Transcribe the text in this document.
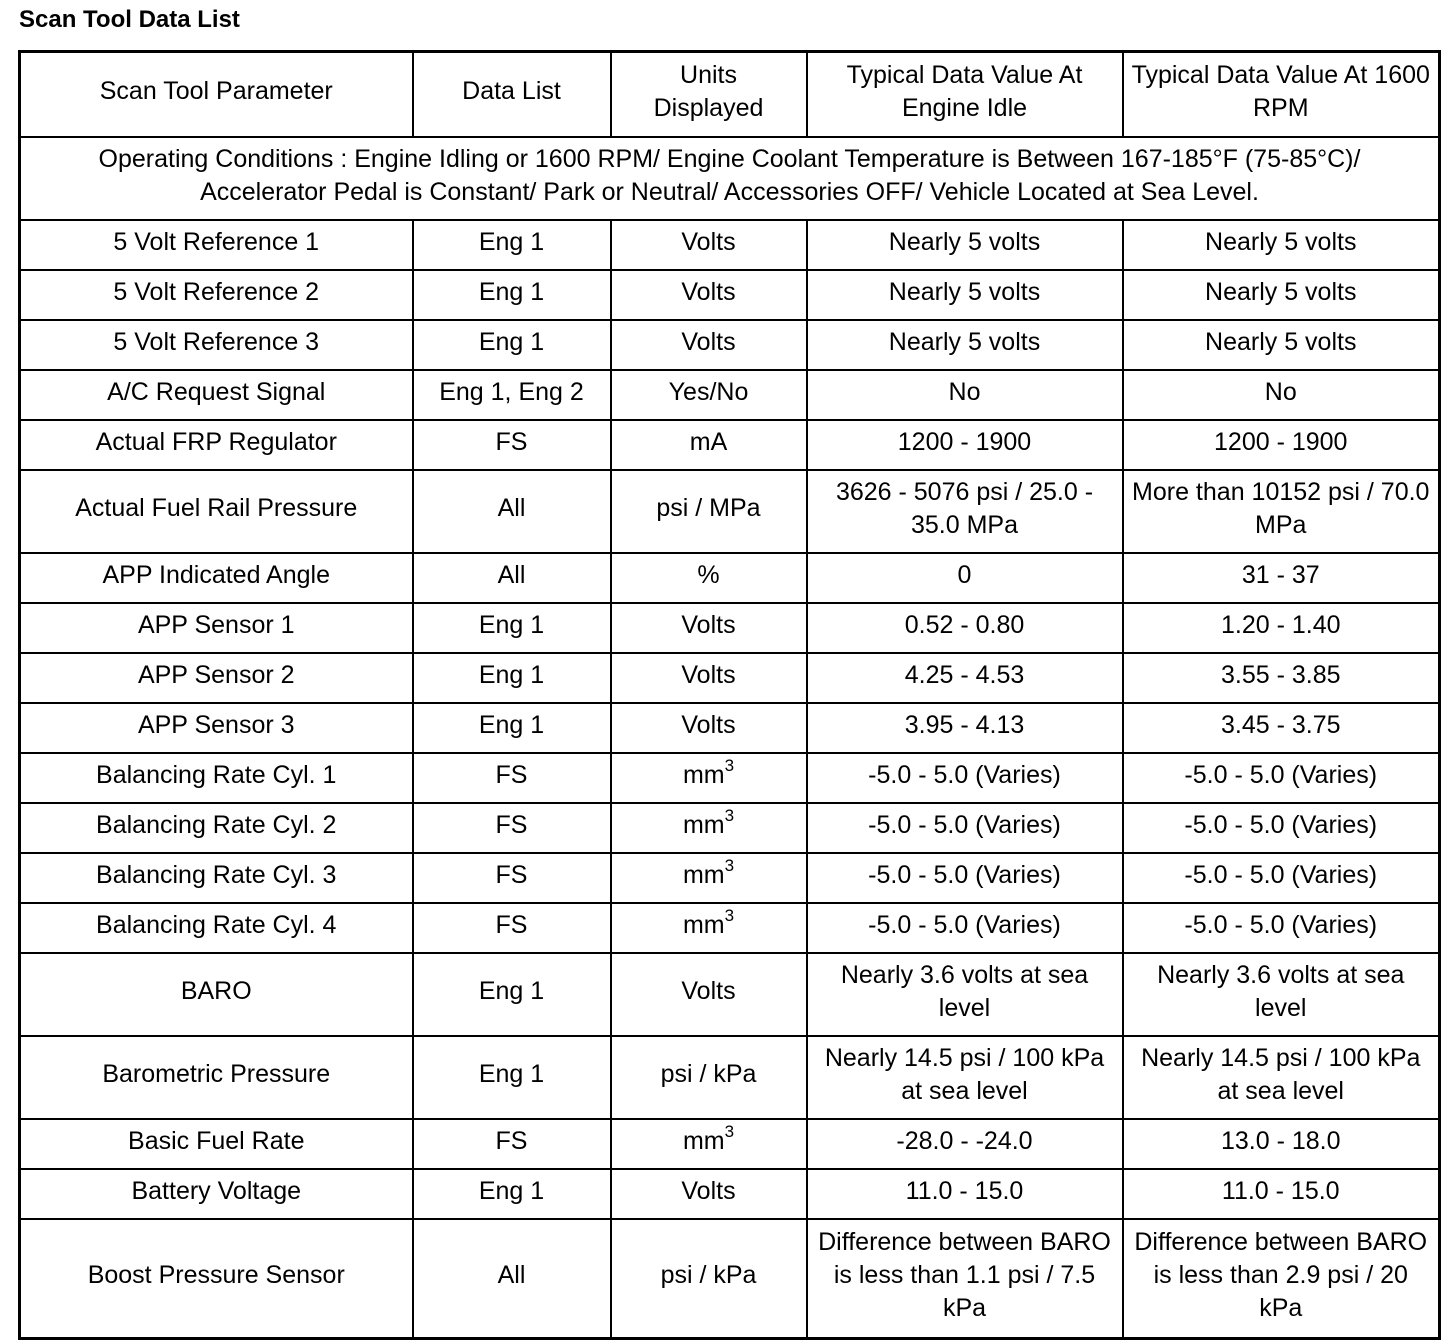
Scan Tool Data List
Scan Tool Parameter	Data List	Units Displayed	Typical Data Value At Engine Idle	Typical Data Value At 1600 RPM
Operating Conditions : Engine Idling or 1600 RPM/ Engine Coolant Temperature is Between 167-185°F (75-85°C)/ Accelerator Pedal is Constant/ Park or Neutral/ Accessories OFF/ Vehicle Located at Sea Level.				
5 Volt Reference 1	Eng 1	Volts	Nearly 5 volts	Nearly 5 volts
5 Volt Reference 2	Eng 1	Volts	Nearly 5 volts	Nearly 5 volts
5 Volt Reference 3	Eng 1	Volts	Nearly 5 volts	Nearly 5 volts
A/C Request Signal	Eng 1, Eng 2	Yes/No	No	No
Actual FRP Regulator	FS	mA	1200 - 1900	1200 - 1900
Actual Fuel Rail Pressure	All	psi / MPa	3626 - 5076 psi / 25.0 - 35.0 MPa	More than 10152 psi / 70.0 MPa
APP Indicated Angle	All	%	0	31 - 37
APP Sensor 1	Eng 1	Volts	0.52 - 0.80	1.20 - 1.40
APP Sensor 2	Eng 1	Volts	4.25 - 4.53	3.55 - 3.85
APP Sensor 3	Eng 1	Volts	3.95 - 4.13	3.45 - 3.75
Balancing Rate Cyl. 1	FS	$mm^3$	-5.0 - 5.0 (Varies)	-5.0 - 5.0 (Varies)
Balancing Rate Cyl. 2	FS	$mm^3$	-5.0 - 5.0 (Varies)	-5.0 - 5.0 (Varies)
Balancing Rate Cyl. 3	FS	$mm^3$	-5.0 - 5.0 (Varies)	-5.0 - 5.0 (Varies)
Balancing Rate Cyl. 4	FS	$mm^3$	-5.0 - 5.0 (Varies)	-5.0 - 5.0 (Varies)
BARO	Eng 1	Volts	Nearly 3.6 volts at sea level	Nearly 3.6 volts at sea level
Barometric Pressure	Eng 1	psi / kPa	Nearly 14.5 psi / 100 kPa at sea level	Nearly 14.5 psi / 100 kPa at sea level
Basic Fuel Rate	FS	$mm^3$	-28.0 - -24.0	13.0 - 18.0
Battery Voltage	Eng 1	Volts	11.0 - 15.0	11.0 - 15.0
Boost Pressure Sensor	All	psi / kPa	Difference between BARO is less than 1.1 psi / 7.5 kPa	Difference between BARO is less than 2.9 psi / 20 kPa
